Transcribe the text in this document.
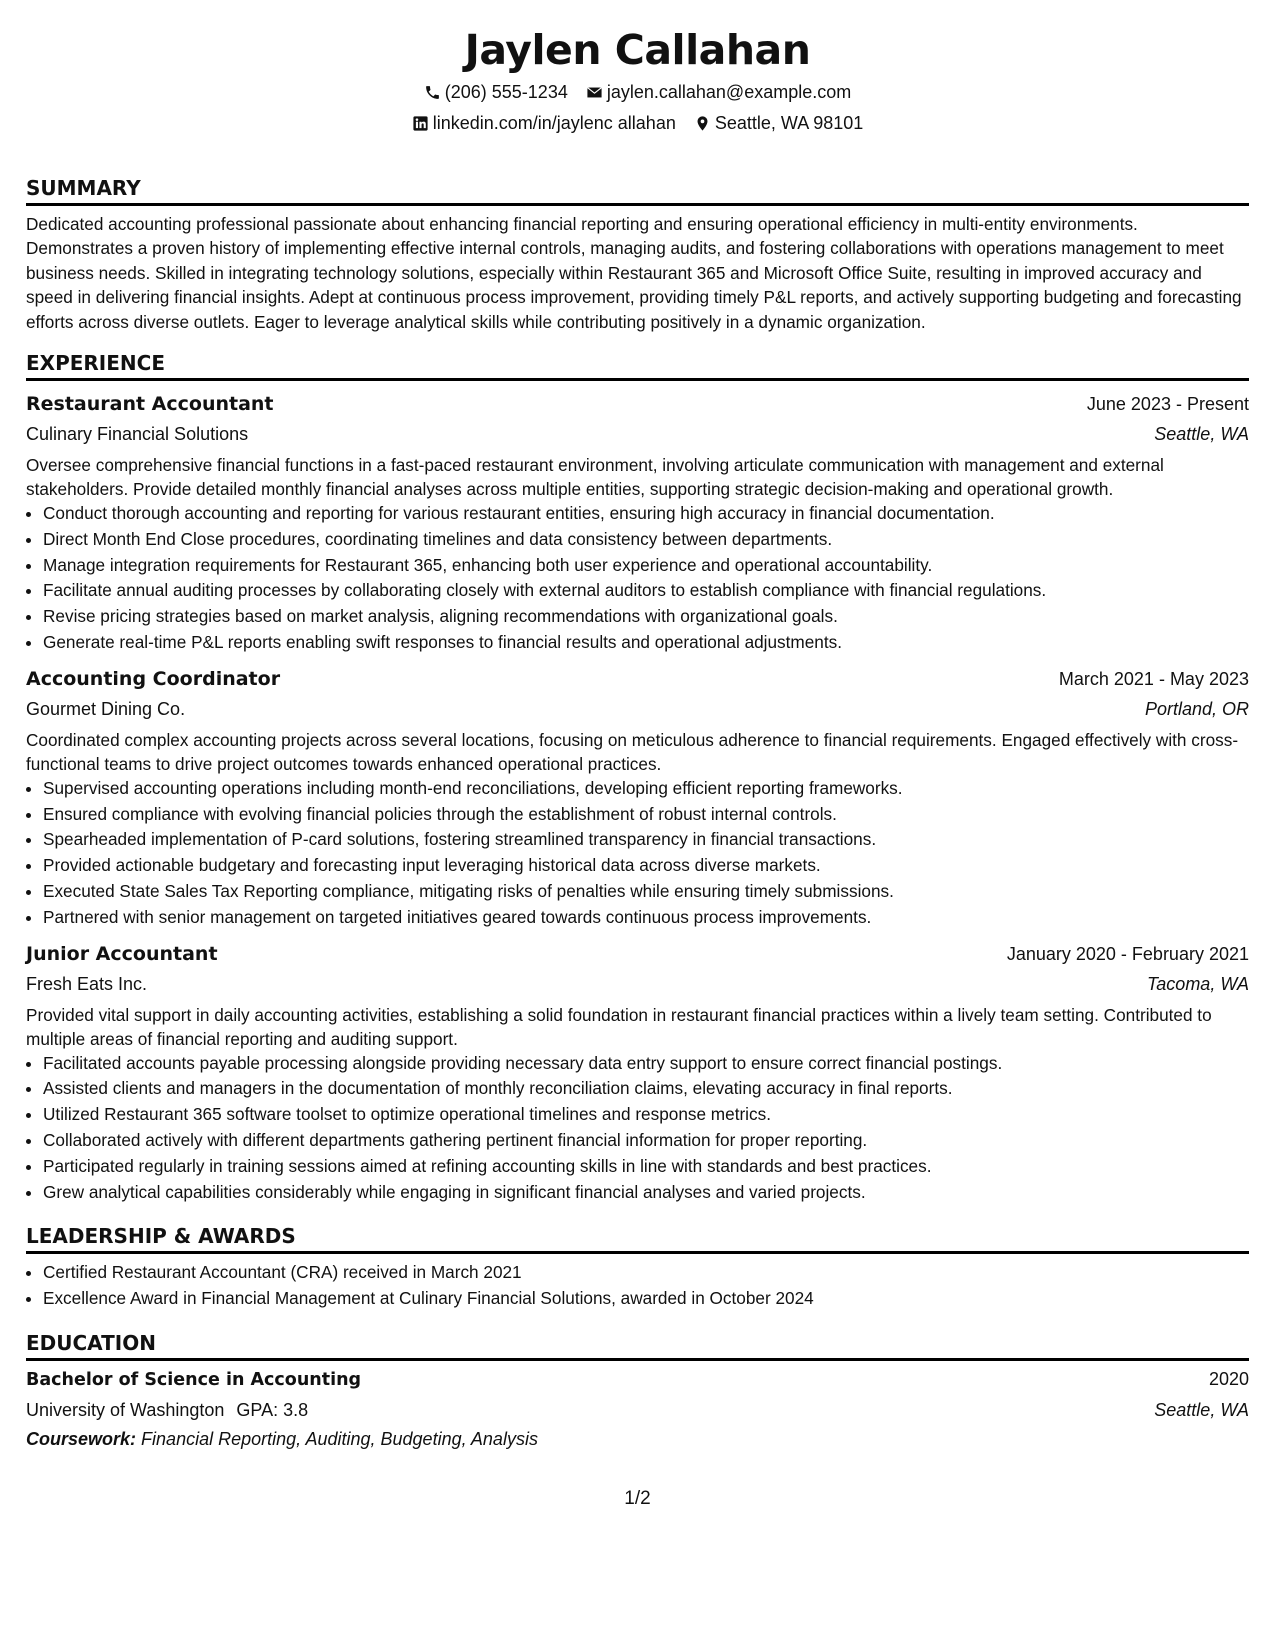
Jaylen Callahan
(206) 555-1234 jaylen.callahan@example.com
linkedin.com/in/jaylenc allahan Seattle, WA 98101
SUMMARY

Dedicated accounting professional passionate about enhancing financial reporting and ensuring operational efficiency in multi-entity environments. Demonstrates a proven history of implementing effective internal controls, managing audits, and fostering collaborations with operations management to meet business needs. Skilled in integrating technology solutions, especially within Restaurant 365 and Microsoft Office Suite, resulting in improved accuracy and speed in delivering financial insights. Adept at continuous process improvement, providing timely P&L reports, and actively supporting budgeting and forecasting efforts across diverse outlets. Eager to leverage analytical skills while contributing positively in a dynamic organization.

EXPERIENCE
Restaurant Accountant	June 2023 - Present
Culinary Financial Solutions	Seattle, WA

Oversee comprehensive financial functions in a fast-paced restaurant environment, involving articulate communication with management and external stakeholders. Provide detailed monthly financial analyses across multiple entities, supporting strategic decision-making and operational growth.

• Conduct thorough accounting and reporting for various restaurant entities, ensuring high accuracy in financial documentation.
• Direct Month End Close procedures, coordinating timelines and data consistency between departments.
• Manage integration requirements for Restaurant 365, enhancing both user experience and operational accountability.
• Facilitate annual auditing processes by collaborating closely with external auditors to establish compliance with financial regulations.
• Revise pricing strategies based on market analysis, aligning recommendations with organizational goals.
• Generate real-time P&L reports enabling swift responses to financial results and operational adjustments.
Accounting Coordinator	March 2021 - May 2023
Gourmet Dining Co.	Portland, OR

Coordinated complex accounting projects across several locations, focusing on meticulous adherence to financial requirements. Engaged effectively with cross-functional teams to drive project outcomes towards enhanced operational practices.

• Supervised accounting operations including month-end reconciliations, developing efficient reporting frameworks.
• Ensured compliance with evolving financial policies through the establishment of robust internal controls.
• Spearheaded implementation of P-card solutions, fostering streamlined transparency in financial transactions.
• Provided actionable budgetary and forecasting input leveraging historical data across diverse markets.
• Executed State Sales Tax Reporting compliance, mitigating risks of penalties while ensuring timely submissions.
• Partnered with senior management on targeted initiatives geared towards continuous process improvements.
Junior Accountant	January 2020 - February 2021
Fresh Eats Inc.	Tacoma, WA

Provided vital support in daily accounting activities, establishing a solid foundation in restaurant financial practices within a lively team setting. Contributed to multiple areas of financial reporting and auditing support.

• Facilitated accounts payable processing alongside providing necessary data entry support to ensure correct financial postings.
• Assisted clients and managers in the documentation of monthly reconciliation claims, elevating accuracy in final reports.
• Utilized Restaurant 365 software toolset to optimize operational timelines and response metrics.
• Collaborated actively with different departments gathering pertinent financial information for proper reporting.
• Participated regularly in training sessions aimed at refining accounting skills in line with standards and best practices.
• Grew analytical capabilities considerably while engaging in significant financial analyses and varied projects.
LEADERSHIP & AWARDS
• Certified Restaurant Accountant (CRA) received in March 2021
• Excellence Award in Financial Management at Culinary Financial Solutions, awarded in October 2024
EDUCATION
Bachelor of Science in Accounting	2020
University of Washington GPA: 3.8	Seattle, WA
Coursework: Financial Reporting, Auditing, Budgeting, Analysis
1/2
